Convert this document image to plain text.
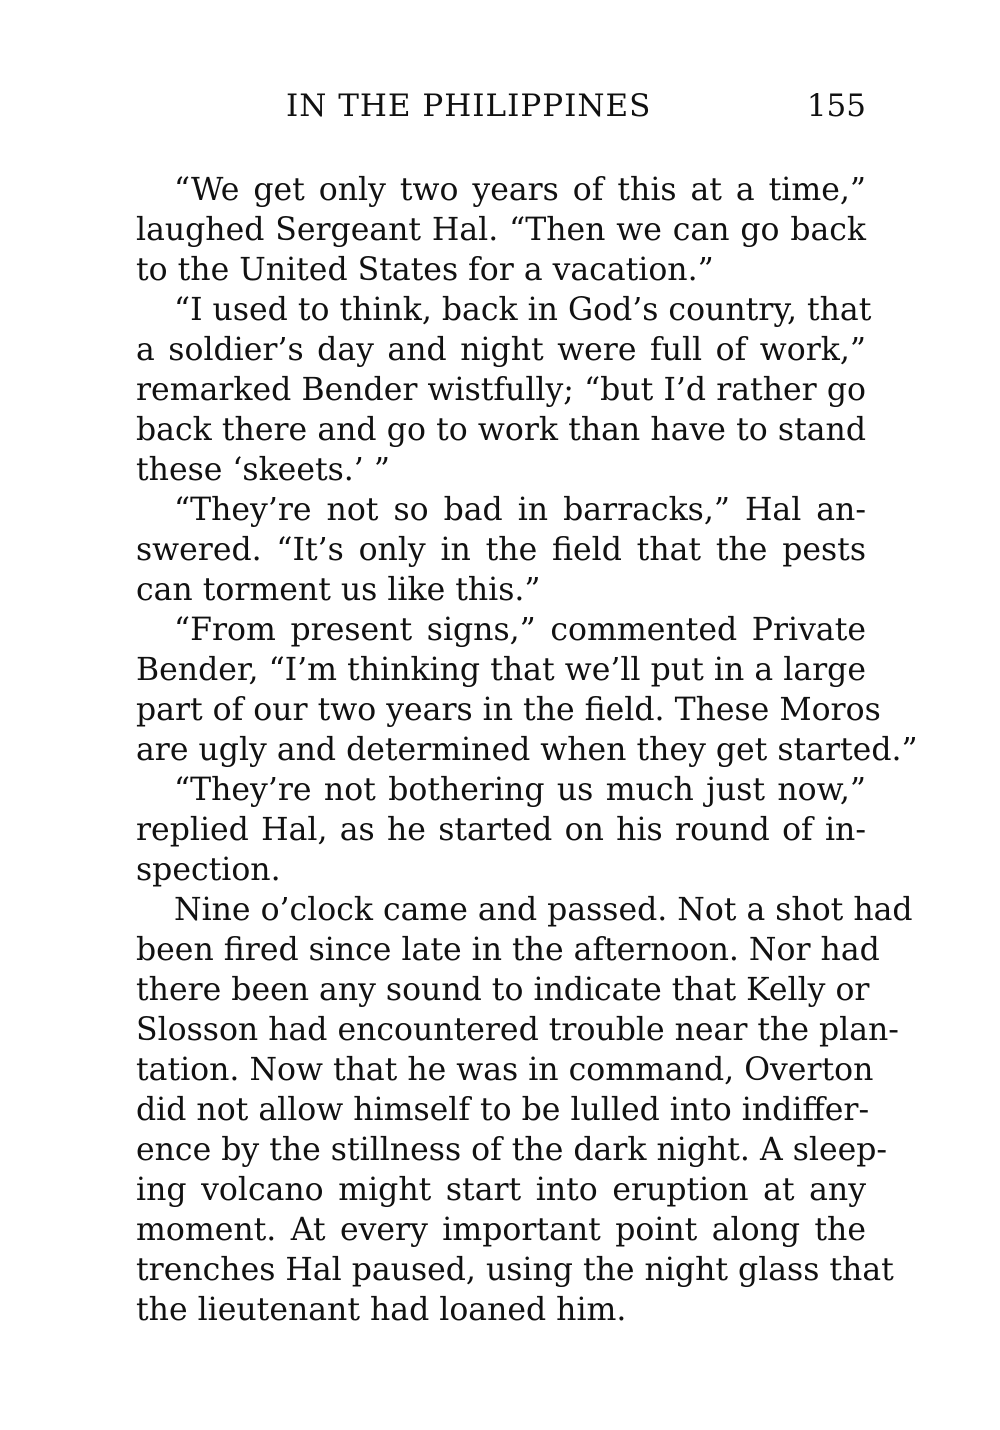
IN THE PHILIPPINES	155
“We get only two years of this at a time,”
laughed Sergeant Hal. “Then we can go back
to the United States for a vacation.”
“I used to think, back in God’s country, that
a soldier’s day and night were full of work,”
remarked Bender wistfully; “but I’d rather go
back there and go to work than have to stand
these ‘skeets.’ ”
“They’re not so bad in barracks,” Hal an-
swered. “It’s only in the field that the pests
can torment us like this.”
“From present signs,” commented Private
Bender, “I’m thinking that we’ll put in a large
part of our two years in the field. These Moros
are ugly and determined when they get started.”
“They’re not bothering us much just now,”
replied Hal, as he started on his round of in-
spection.
Nine o’clock came and passed. Not a shot had
been fired since late in the afternoon. Nor had
there been any sound to indicate that Kelly or
Slosson had encountered trouble near the plan-
tation. Now that he was in command, Overton
did not allow himself to be lulled into indiffer-
ence by the stillness of the dark night. A sleep-
ing volcano might start into eruption at any
moment. At every important point along the
trenches Hal paused, using the night glass that
the lieutenant had loaned him.
